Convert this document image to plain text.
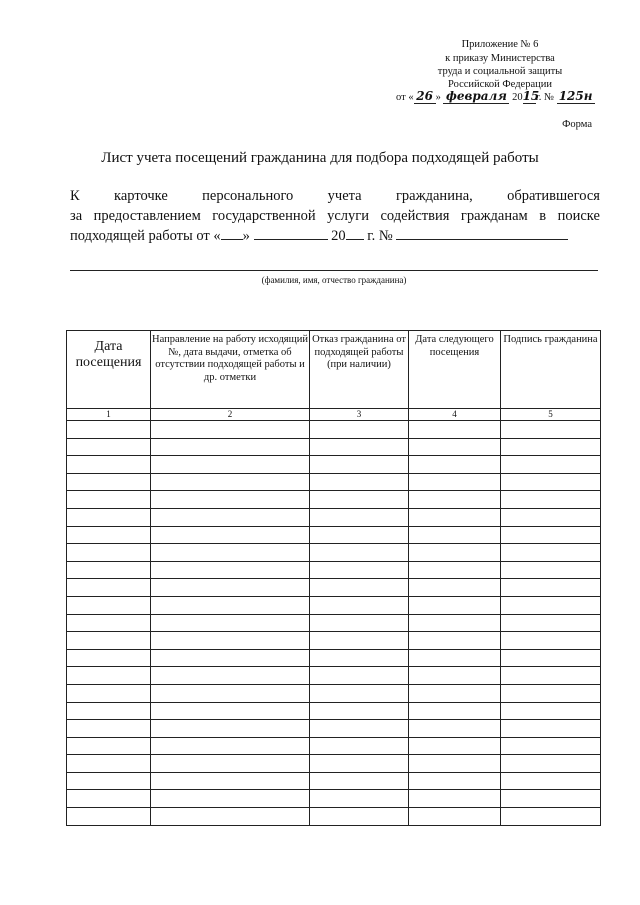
Приложение № 6
к приказу Министерства
труда и социальной защиты
Российской Федерации
от « 26 » февраля 2015г. № 125н
Форма
Лист учета посещений гражданина для подбора подходящей работы
К карточке персонального учета гражданина, обратившегося
за предоставлением государственной услуги содействия гражданам в поиске
подходящей работы от « »	20 г. №
(фамилия, имя, отчество гражданина)
Дата посещения	Направление на работу исходящий №, дата выдачи, отметка об отсутствии подходящей работы и др. отметки	Отказ гражданина от подходящей работы (при наличии)	Дата следующего посещения	Подпись гражданина
1	2	3	4	5
